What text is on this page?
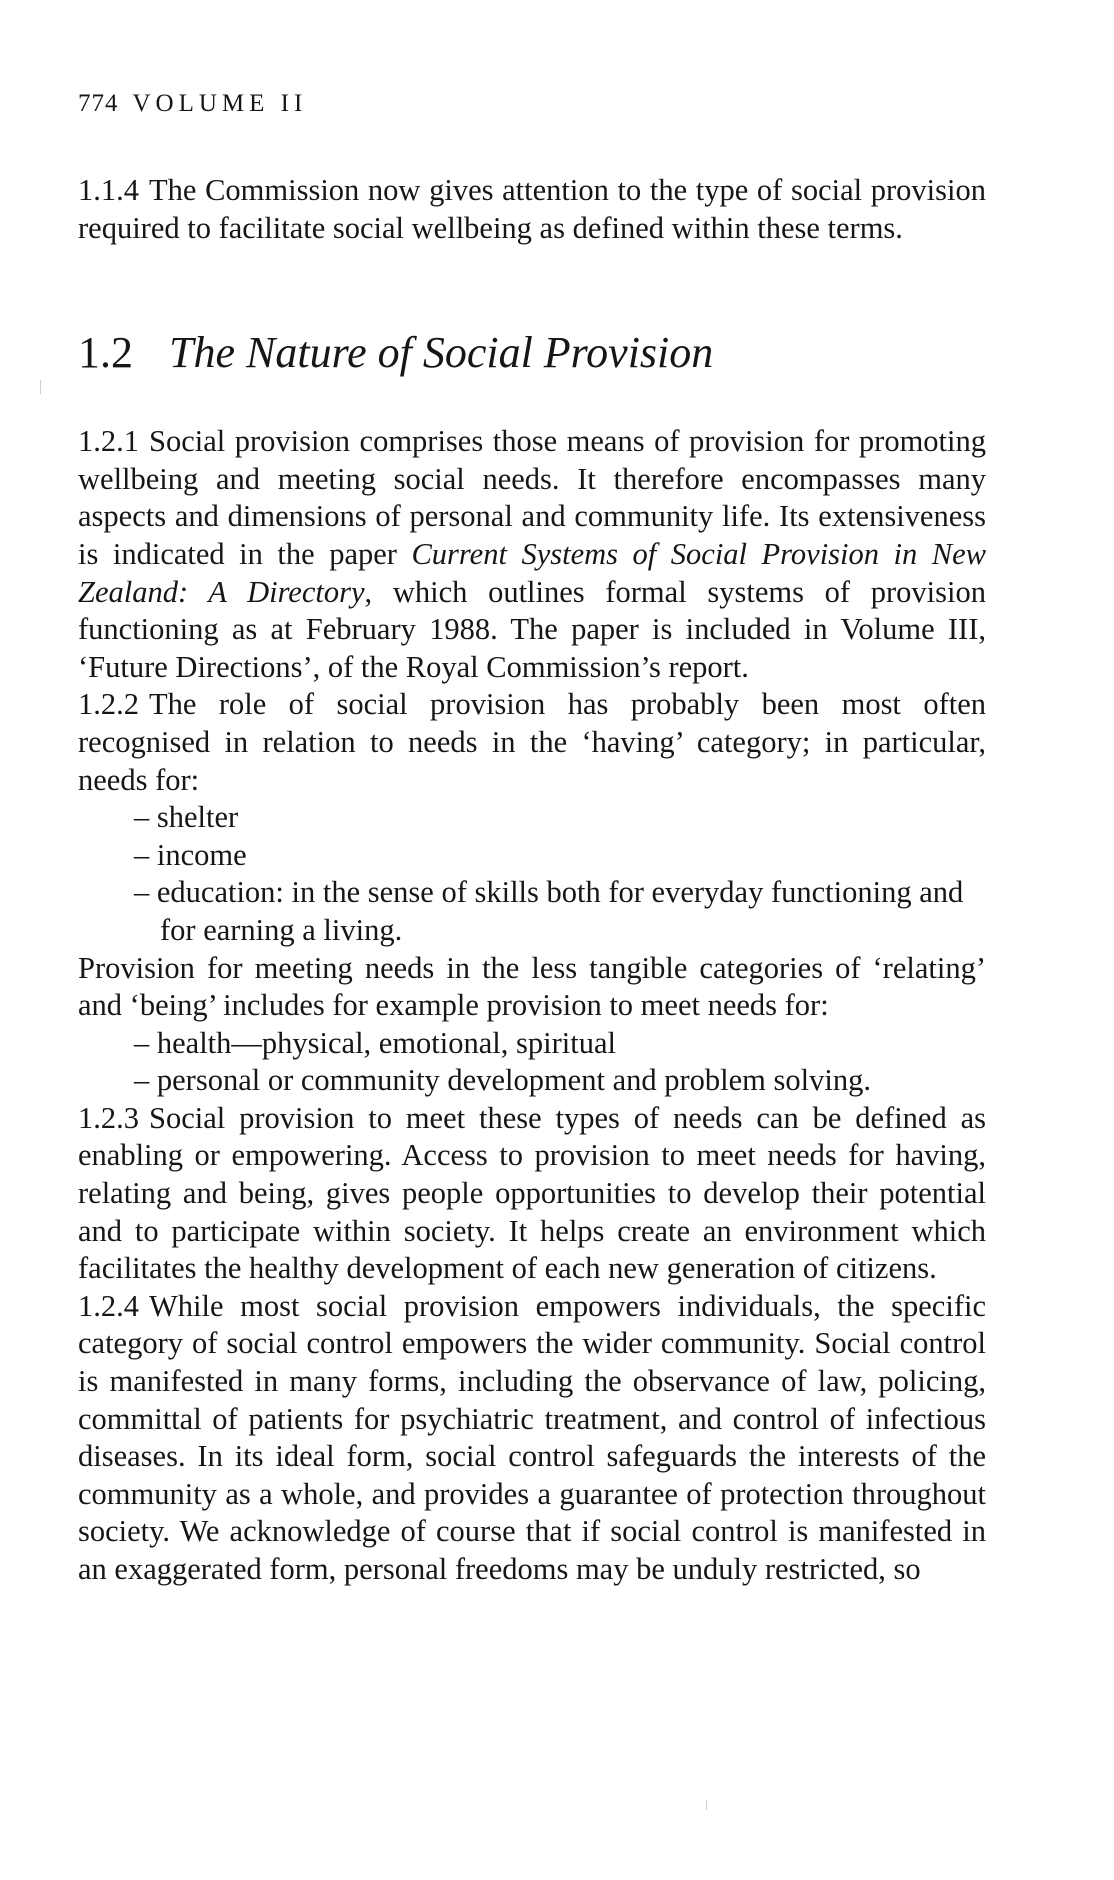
774 VOLUME II

1.1.4 The Commission now gives attention to the type of social provision required to facilitate social wellbeing as defined within these terms.

1.2 The Nature of Social Provision

1.2.1 Social provision comprises those means of provision for promoting wellbeing and meeting social needs. It therefore encompasses many aspects and dimensions of personal and community life. Its extensiveness is indicated in the paper Current Systems of Social Provision in New Zealand: A Directory, which outlines formal systems of provision functioning as at February 1988. The paper is included in Volume III, ‘Future Directions’, of the Royal Commission’s report.

1.2.2 The role of social provision has probably been most often recognised in relation to needs in the ‘having’ category; in particular, needs for:

– shelter
– income
– education: in the sense of skills both for everyday functioning and for earning a living.

Provision for meeting needs in the less tangible categories of ‘relating’ and ‘being’ includes for example provision to meet needs for:

– health—physical, emotional, spiritual
– personal or community development and problem solving.

1.2.3 Social provision to meet these types of needs can be defined as enabling or empowering. Access to provision to meet needs for having, relating and being, gives people opportunities to develop their potential and to participate within society. It helps create an environment which facilitates the healthy development of each new generation of citizens.

1.2.4 While most social provision empowers individuals, the specific category of social control empowers the wider community. Social control is manifested in many forms, including the observance of law, policing, committal of patients for psychiatric treatment, and control of infectious diseases. In its ideal form, social control safeguards the interests of the community as a whole, and provides a guarantee of protection throughout society. We acknowledge of course that if social control is manifested in an exaggerated form, personal freedoms may be unduly restricted, so
